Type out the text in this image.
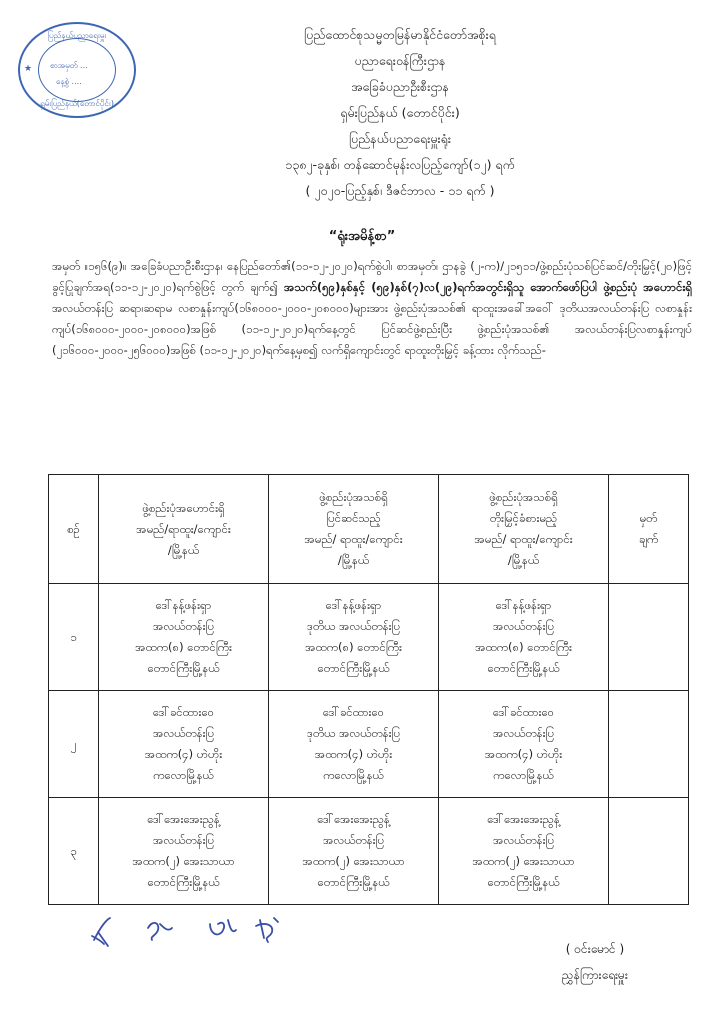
ပြည်နယ်ပညာရေးမှူး
★ စာအမှတ် ...
နေ့စွဲ ....
ရှမ်းပြည်နယ်(တောင်ပိုင်း)
ပြည်ထောင်စုသမ္မတမြန်မာနိုင်ငံတော်အစိုးရ
ပညာရေးဝန်ကြီးဌာန
အခြေခံပညာဦးစီးဌာန
ရှမ်းပြည်နယ် (တောင်ပိုင်း)
ပြည်နယ်ပညာရေးမှူးရုံး
၁၃၈၂-ခုနှစ်၊ တန်ဆောင်မုန်းလပြည့်ကျော်(၁၂) ရက်
( ၂၀၂၀-ပြည့်နှစ်၊ ဒီဇင်ဘာလ - ၁၁ ရက် )
“ရုံးအမိန့်စာ”
အမှတ် ။၁၅၆(၉)။ အခြေခံပညာဦးစီးဌာန၊ နေပြည်တော်၏(၁၁-၁၂-၂၀၂၀)ရက်စွဲပါ၊ စာအမှတ်၊ ဌာနခွဲ (၂-က)/၂၁၅၁၁/ဖွဲ့စည်းပုံသစ်ပြင်ဆင်/တိုးမြှင့်(၂၀)ဖြင့် ခွင့်ပြုချက်အရ(၁၁-၁၂-၂၀၂၀)ရက်စွဲဖြင့် တွက် ချက်၍ အသက်(၅၉)နှစ်နှင့် (၅၉)နှစ်(၇)လ(၂၉)ရက်အတွင်းရှိသူ အောက်ဖော်ပြပါ ဖွဲ့စည်းပုံ အဟောင်းရှိ အလယ်တန်းပြ ဆရာ၊ဆရာမ လစာနှုန်းကျပ်(၁၆၈၀၀၀-၂၀၀၀-၂၀၈၀၀၀)များအား ဖွဲ့စည်းပုံအသစ်၏ ရာထူးအခေါ်အဝေါ် ဒုတိယအလယ်တန်းပြ လစာနှုန်းကျပ်(၁၆၈၀၀၀-၂၀၀၀-၂၀၈၀၀၀)အဖြစ် (၁၁-၁၂-၂၀၂၀)ရက်နေ့တွင် ပြင်ဆင်ဖွဲ့စည်းပြီး ဖွဲ့စည်းပုံအသစ်၏ အလယ်တန်းပြလစာနှုန်းကျပ် (၂၁၆၀၀၀-၂၀၀၀-၂၅၆၀၀၀)အဖြစ် (၁၁-၁၂-၂၀၂၀)ရက်နေ့မှစ၍ လက်ရှိကျောင်းတွင် ရာထူးတိုးမြှင့် ခန့်ထား လိုက်သည်-
စဉ်	ဖွဲ့စည်းပုံအဟောင်းရှိ
အမည်/ရာထူး/ကျောင်း
/မြို့နယ်	ဖွဲ့စည်းပုံအသစ်ရှိ
ပြင်ဆင်သည့်
အမည်/ ရာထူး/ကျောင်း
/မြို့နယ်	ဖွဲ့စည်းပုံအသစ်ရှိ
တိုးမြှင့်ခံစားမည့်
အမည်/ ရာထူး/ကျောင်း
/မြို့နယ်	မှတ်
ချက်

၁	ဒေါ်နန့်ဖန်းရှာ
အလယ်တန်းပြ
အထက(၈) တောင်ကြီး
တောင်ကြီးမြို့နယ်	ဒေါ်နန့်ဖန်းရှာ
ဒုတိယ အလယ်တန်းပြ
အထက(၈) တောင်ကြီး
တောင်ကြီးမြို့နယ်	ဒေါ်နန့်ဖန်းရှာ
အလယ်တန်းပြ
အထက(၈) တောင်ကြီး
တောင်ကြီးမြို့နယ်	

၂	ဒေါ်ခင်ထားဝေ
အလယ်တန်းပြ
အထက(၄) ဟဲဟိုး
ကလောမြို့နယ်	ဒေါ်ခင်ထားဝေ
ဒုတိယ အလယ်တန်းပြ
အထက(၄) ဟဲဟိုး
ကလောမြို့နယ်	ဒေါ်ခင်ထားဝေ
အလယ်တန်းပြ
အထက(၄) ဟဲဟိုး
ကလောမြို့နယ်	

၃	ဒေါ်အေးအေးညွန့်
အလယ်တန်းပြ
အထက(၂) အေးသာယာ
တောင်ကြီးမြို့နယ်	ဒေါ်အေးအေးညွန့်
အလယ်တန်းပြ
အထက(၂) အေးသာယာ
တောင်ကြီးမြို့နယ်	ဒေါ်အေးအေးညွန့်
အလယ်တန်းပြ
အထက(၂) အေးသာယာ
တောင်ကြီးမြို့နယ်	

( ဝင်းမောင် )
ညွှန်ကြားရေးမှူး
